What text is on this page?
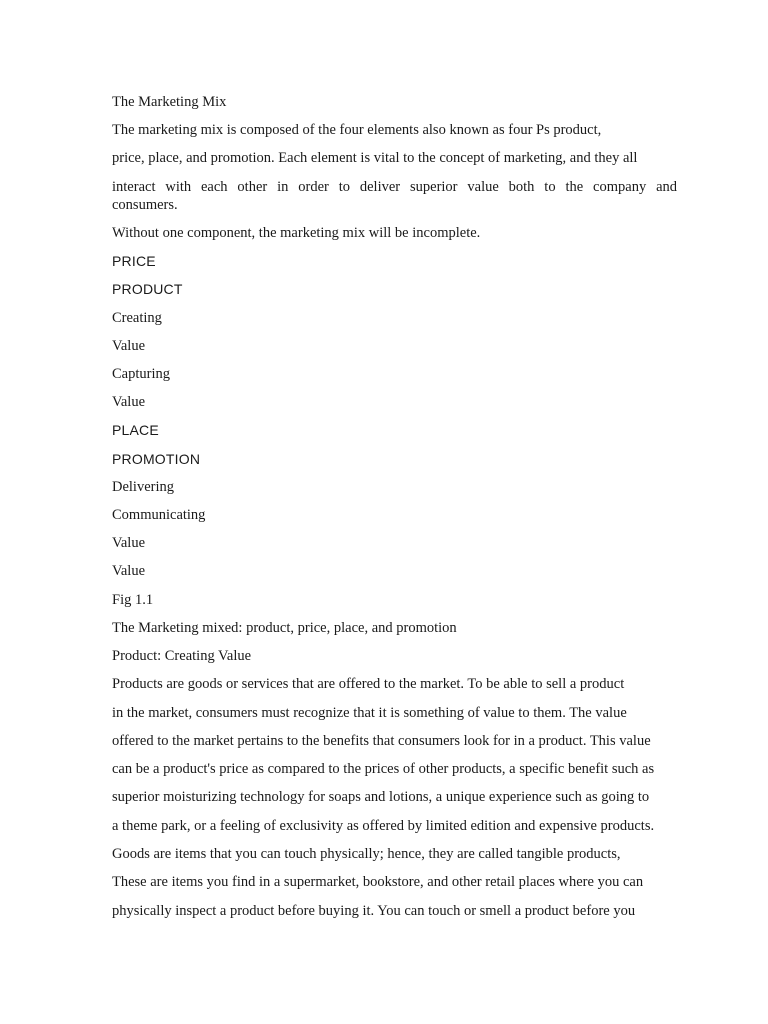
The Marketing Mix
The marketing mix is composed of the four elements also known as four Ps product,
price, place, and promotion. Each element is vital to the concept of marketing, and they all
interact with each other in order to deliver superior value both to the company and
consumers.
Without one component, the marketing mix will be incomplete.
PRICE
PRODUCT
Creating
Value
Capturing
Value
PLACE
PROMOTION
Delivering
Communicating
Value
Value
Fig 1.1
The Marketing mixed: product, price, place, and promotion
Product: Creating Value
Products are goods or services that are offered to the market. To be able to sell a product
in the market, consumers must recognize that it is something of value to them. The value
offered to the market pertains to the benefits that consumers look for in a product. This value
can be a product's price as compared to the prices of other products, a specific benefit such as
superior moisturizing technology for soaps and lotions, a unique experience such as going to
a theme park, or a feeling of exclusivity as offered by limited edition and expensive products.
Goods are items that you can touch physically; hence, they are called tangible products,
These are items you find in a supermarket, bookstore, and other retail places where you can
physically inspect a product before buying it. You can touch or smell a product before you
